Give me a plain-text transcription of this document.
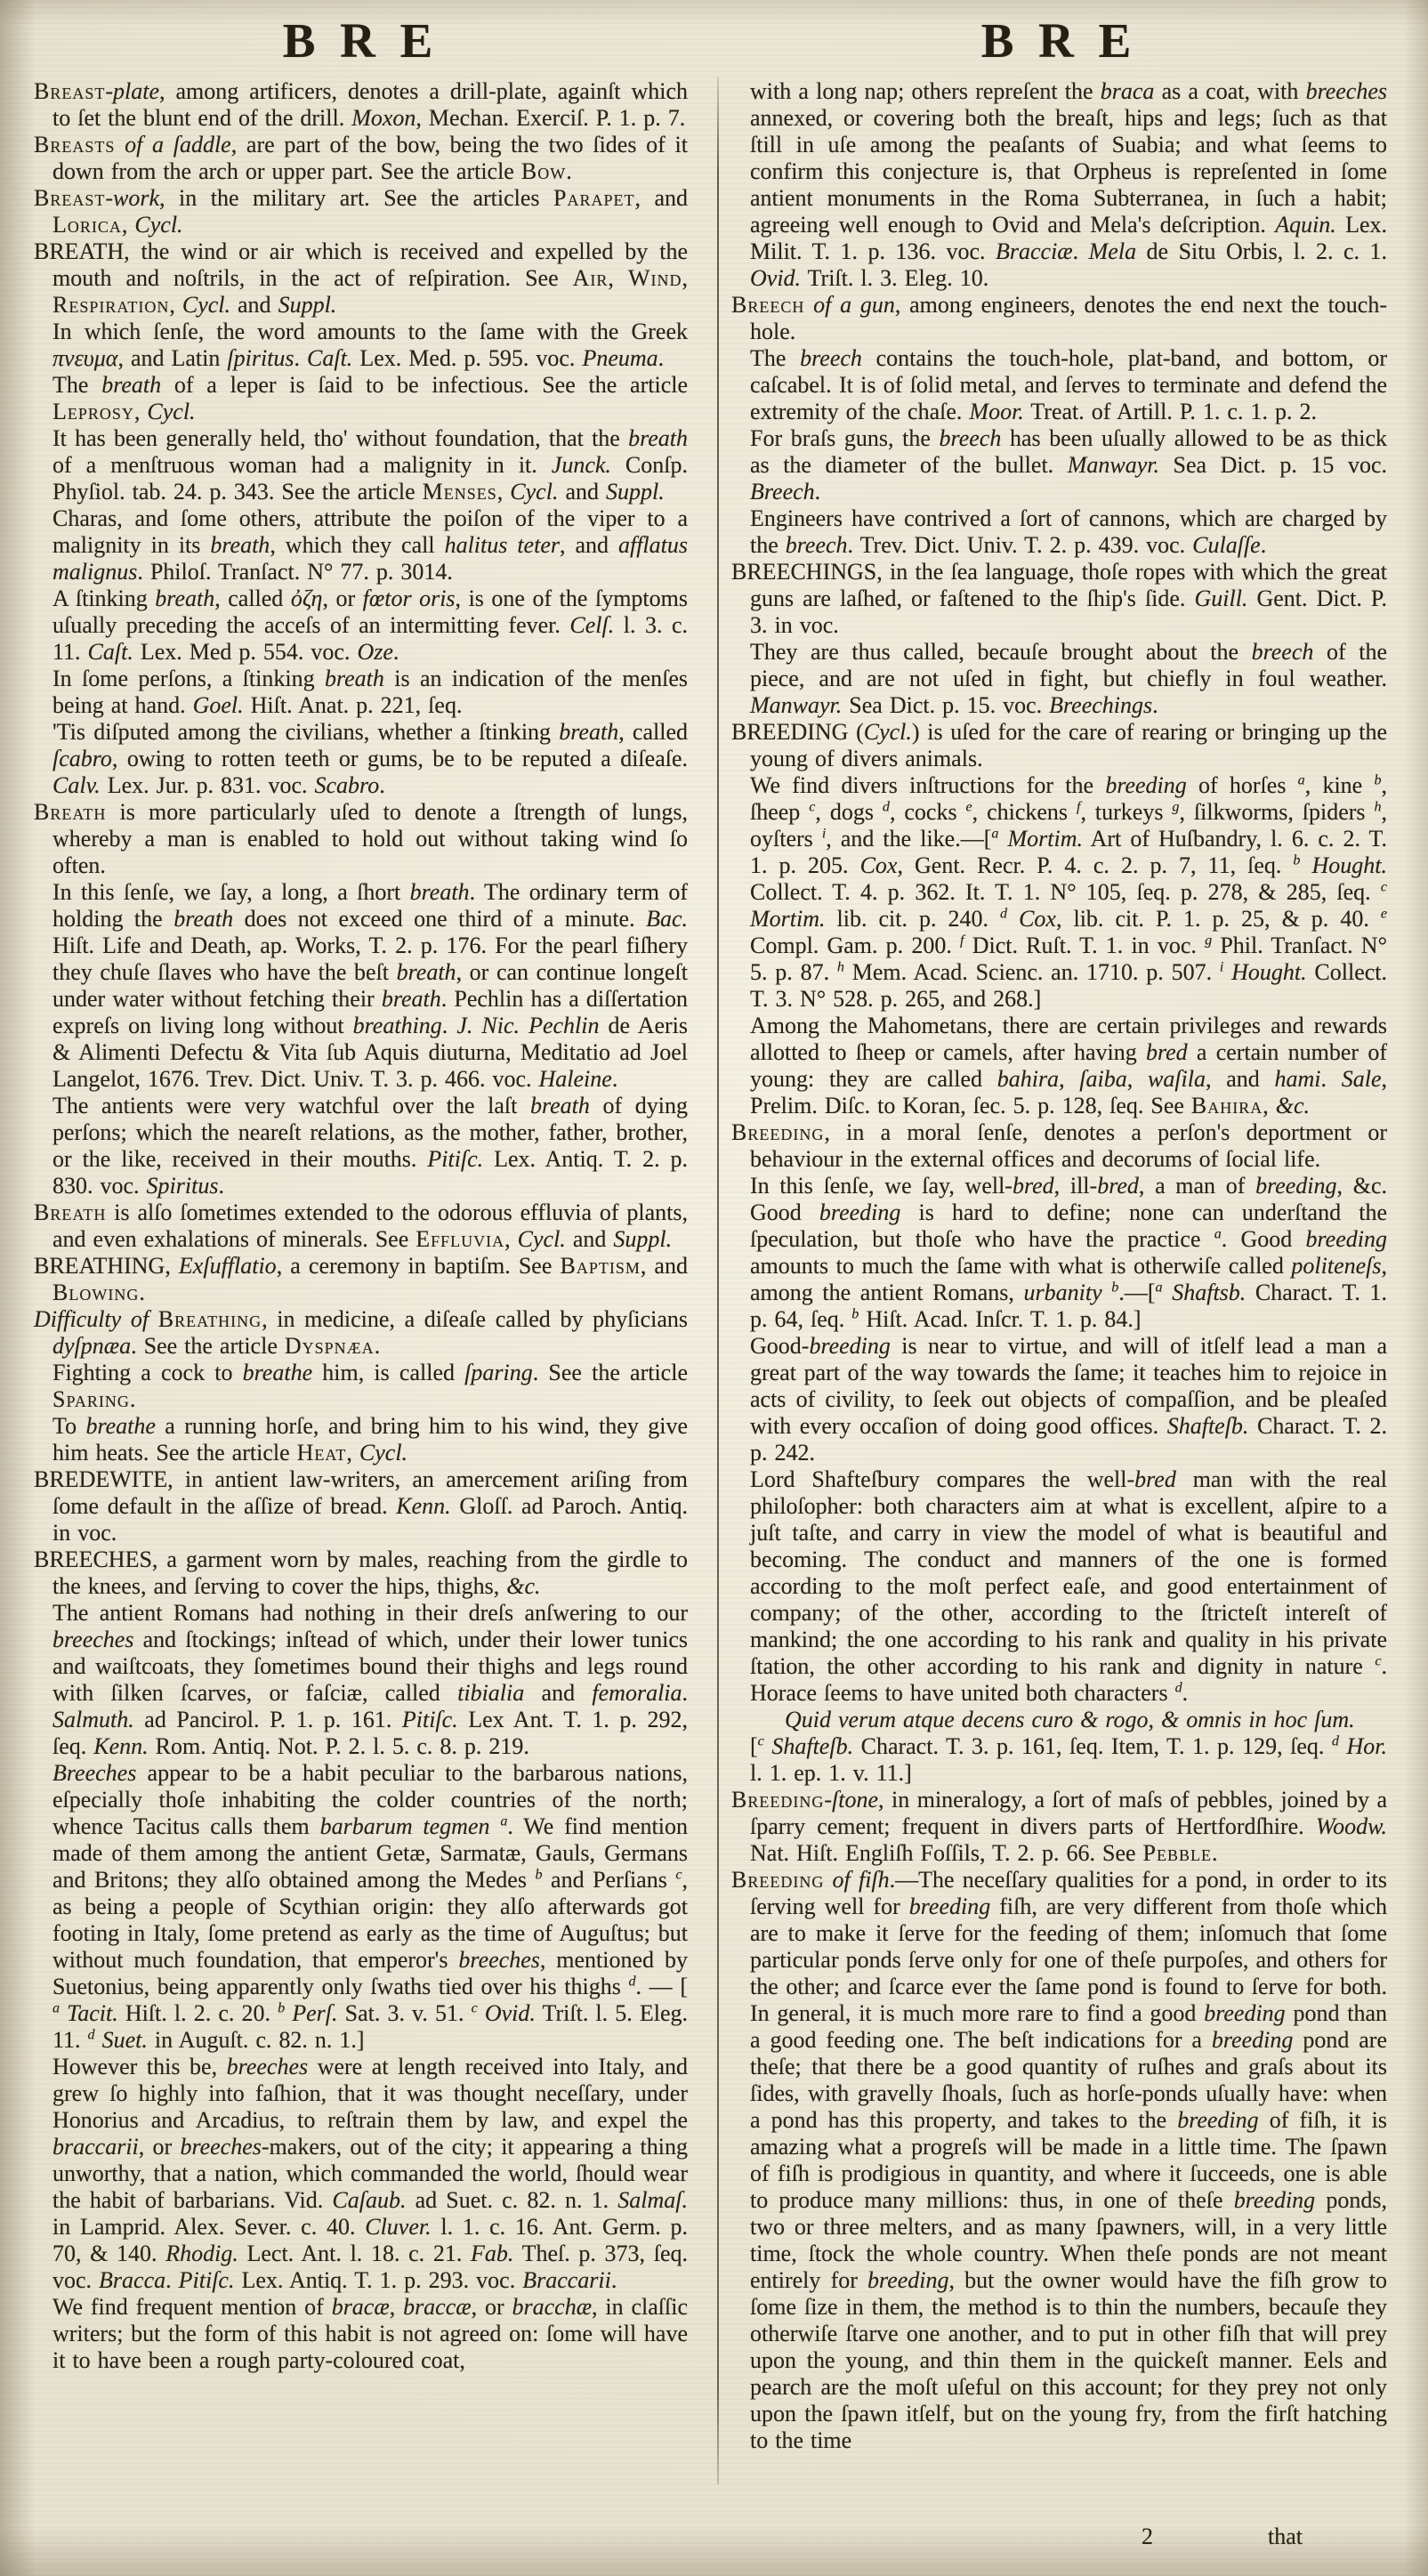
B R E	B R E

Breast-plate, among artificers, denotes a drill-plate, againſt which to ſet the blunt end of the drill. Moxon, Mechan. Exerciſ. P. 1. p. 7.

Breasts of a ſaddle, are part of the bow, being the two ſides of it down from the arch or upper part. See the article Bow.

Breast-work, in the military art. See the articles Parapet, and Lorica, Cycl.

BREATH, the wind or air which is received and expelled by the mouth and noſtrils, in the act of reſpiration. See Air, Wind, Respiration, Cycl. and Suppl.

In which ſenſe, the word amounts to the ſame with the Greek πνευμα, and Latin ſpiritus. Caſt. Lex. Med. p. 595. voc. Pneuma.

The breath of a leper is ſaid to be infectious. See the article Leprosy, Cycl.

It has been generally held, tho' without foundation, that the breath of a menſtruous woman had a malignity in it. Junck. Conſp. Phyſiol. tab. 24. p. 343. See the article Menses, Cycl. and Suppl.

Charas, and ſome others, attribute the poiſon of the viper to a malignity in its breath, which they call halitus teter, and afflatus malignus. Philoſ. Tranſact. N° 77. p. 3014.

A ſtinking breath, called ὀζη, or fœtor oris, is one of the ſymptoms uſually preceding the acceſs of an intermitting fever. Celſ. l. 3. c. 11. Caſt. Lex. Med p. 554. voc. Oze.

In ſome perſons, a ſtinking breath is an indication of the menſes being at hand. Goel. Hiſt. Anat. p. 221, ſeq.

'Tis diſputed among the civilians, whether a ſtinking breath, called ſcabro, owing to rotten teeth or gums, be to be reputed a diſeaſe. Calv. Lex. Jur. p. 831. voc. Scabro.

Breath is more particularly uſed to denote a ſtrength of lungs, whereby a man is enabled to hold out without taking wind ſo often.

In this ſenſe, we ſay, a long, a ſhort breath. The ordinary term of holding the breath does not exceed one third of a minute. Bac. Hiſt. Life and Death, ap. Works, T. 2. p. 176. For the pearl fiſhery they chuſe ſlaves who have the beſt breath, or can continue longeſt under water without fetching their breath. Pechlin has a diſſertation expreſs on living long without breathing. J. Nic. Pechlin de Aeris & Alimenti Defectu & Vita ſub Aquis diuturna, Meditatio ad Joel Langelot, 1676. Trev. Dict. Univ. T. 3. p. 466. voc. Haleine.

The antients were very watchful over the laſt breath of dying perſons; which the neareſt relations, as the mother, father, brother, or the like, received in their mouths. Pitiſc. Lex. Antiq. T. 2. p. 830. voc. Spiritus.

Breath is alſo ſometimes extended to the odorous effluvia of plants, and even exhalations of minerals. See Effluvia, Cycl. and Suppl.

BREATHING, Exſufflatio, a ceremony in baptiſm. See Baptism, and Blowing.

Difficulty of Breathing, in medicine, a diſeaſe called by phyſicians dyſpnæa. See the article Dyspnæa.

Fighting a cock to breathe him, is called ſparing. See the article Sparing.

To breathe a running horſe, and bring him to his wind, they give him heats. See the article Heat, Cycl.

BREDEWITE, in antient law-writers, an amercement ariſing from ſome default in the aſſize of bread. Kenn. Gloſſ. ad Paroch. Antiq. in voc.

BREECHES, a garment worn by males, reaching from the girdle to the knees, and ſerving to cover the hips, thighs, &c.

The antient Romans had nothing in their dreſs anſwering to our breeches and ſtockings; inſtead of which, under their lower tunics and waiſtcoats, they ſometimes bound their thighs and legs round with ſilken ſcarves, or faſciæ, called tibialia and femoralia. Salmuth. ad Pancirol. P. 1. p. 161. Pitiſc. Lex Ant. T. 1. p. 292, ſeq. Kenn. Rom. Antiq. Not. P. 2. l. 5. c. 8. p. 219.

Breeches appear to be a habit peculiar to the barbarous nations, eſpecially thoſe inhabiting the colder countries of the north; whence Tacitus calls them barbarum tegmen $^a$. We find mention made of them among the antient Getæ, Sarmatæ, Gauls, Germans and Britons; they alſo obtained among the Medes $^b$ and Perſians $^c$, as being a people of Scythian origin: they alſo afterwards got footing in Italy, ſome pretend as early as the time of Auguſtus; but without much foundation, that emperor's breeches, mentioned by Suetonius, being apparently only ſwaths tied over his thighs $^d$. — [ $^a$ Tacit. Hiſt. l. 2. c. 20. $^b$ Perſ. Sat. 3. v. 51. $^c$ Ovid. Triſt. l. 5. Eleg. 11. $^d$ Suet. in Auguſt. c. 82. n. 1.]

However this be, breeches were at length received into Italy, and grew ſo highly into faſhion, that it was thought neceſſary, under Honorius and Arcadius, to reſtrain them by law, and expel the braccarii, or breeches-makers, out of the city; it appearing a thing unworthy, that a nation, which commanded the world, ſhould wear the habit of barbarians. Vid. Caſaub. ad Suet. c. 82. n. 1. Salmaſ. in Lamprid. Alex. Sever. c. 40. Cluver. l. 1. c. 16. Ant. Germ. p. 70, & 140. Rhodig. Lect. Ant. l. 18. c. 21. Fab. Theſ. p. 373, ſeq. voc. Bracca. Pitiſc. Lex. Antiq. T. 1. p. 293. voc. Braccarii.

We find frequent mention of bracæ, braccæ, or bracchæ, in claſſic writers; but the form of this habit is not agreed on: ſome will have it to have been a rough party-coloured coat,

with a long nap; others repreſent the braca as a coat, with breeches annexed, or covering both the breaſt, hips and legs; ſuch as that ſtill in uſe among the peaſants of Suabia; and what ſeems to confirm this conjecture is, that Orpheus is repreſented in ſome antient monuments in the Roma Subterranea, in ſuch a habit; agreeing well enough to Ovid and Mela's deſcription. Aquin. Lex. Milit. T. 1. p. 136. voc. Bracciæ. Mela de Situ Orbis, l. 2. c. 1. Ovid. Triſt. l. 3. Eleg. 10.

Breech of a gun, among engineers, denotes the end next the touch-hole.

The breech contains the touch-hole, plat-band, and bottom, or caſcabel. It is of ſolid metal, and ſerves to terminate and defend the extremity of the chaſe. Moor. Treat. of Artill. P. 1. c. 1. p. 2.

For braſs guns, the breech has been uſually allowed to be as thick as the diameter of the bullet. Manwayr. Sea Dict. p. 15 voc. Breech.

Engineers have contrived a ſort of cannons, which are charged by the breech. Trev. Dict. Univ. T. 2. p. 439. voc. Culaſſe.

BREECHINGS, in the ſea language, thoſe ropes with which the great guns are laſhed, or faſtened to the ſhip's ſide. Guill. Gent. Dict. P. 3. in voc.

They are thus called, becauſe brought about the breech of the piece, and are not uſed in fight, but chiefly in foul weather. Manwayr. Sea Dict. p. 15. voc. Breechings.

BREEDING (Cycl.) is uſed for the care of rearing or bringing up the young of divers animals.

We find divers inſtructions for the breeding of horſes $^a$, kine $^b$, ſheep $^c$, dogs $^d$, cocks $^e$, chickens $^f$, turkeys $^g$, ſilkworms, ſpiders $^h$, oyſters $^i$, and the like.—[$^a$ Mortim. Art of Huſbandry, l. 6. c. 2. T. 1. p. 205. Cox, Gent. Recr. P. 4. c. 2. p. 7, 11, ſeq. $^b$ Hought. Collect. T. 4. p. 362. It. T. 1. N° 105, ſeq. p. 278, & 285, ſeq. $^c$ Mortim. lib. cit. p. 240. $^d$ Cox, lib. cit. P. 1. p. 25, & p. 40. $^e$ Compl. Gam. p. 200. $^f$ Dict. Ruſt. T. 1. in voc. $^g$ Phil. Tranſact. N° 5. p. 87. $^h$ Mem. Acad. Scienc. an. 1710. p. 507. $^i$ Hought. Collect. T. 3. N° 528. p. 265, and 268.]

Among the Mahometans, there are certain privileges and rewards allotted to ſheep or camels, after having bred a certain number of young: they are called bahira, ſaiba, waſila, and hami. Sale, Prelim. Diſc. to Koran, ſec. 5. p. 128, ſeq. See Bahira, &c.

Breeding, in a moral ſenſe, denotes a perſon's deportment or behaviour in the external offices and decorums of ſocial life.

In this ſenſe, we ſay, well-bred, ill-bred, a man of breeding, &c. Good breeding is hard to define; none can underſtand the ſpeculation, but thoſe who have the practice $^a$. Good breeding amounts to much the ſame with what is otherwiſe called politeneſs, among the antient Romans, urbanity $^b$.—[$^a$ Shaftsb. Charact. T. 1. p. 64, ſeq. $^b$ Hiſt. Acad. Inſcr. T. 1. p. 84.]

Good-breeding is near to virtue, and will of itſelf lead a man a great part of the way towards the ſame; it teaches him to rejoice in acts of civility, to ſeek out objects of compaſſion, and be pleaſed with every occaſion of doing good offices. Shafteſb. Charact. T. 2. p. 242.

Lord Shafteſbury compares the well-bred man with the real philoſopher: both characters aim at what is excellent, aſpire to a juſt taſte, and carry in view the model of what is beautiful and becoming. The conduct and manners of the one is formed according to the moſt perfect eaſe, and good entertainment of company; of the other, according to the ſtricteſt intereſt of mankind; the one according to his rank and quality in his private ſtation, the other according to his rank and dignity in nature $^c$. Horace ſeems to have united both characters $^d$.

Quid verum atque decens curo & rogo, & omnis in hoc ſum.

[$^c$ Shafteſb. Charact. T. 3. p. 161, ſeq. Item, T. 1. p. 129, ſeq. $^d$ Hor. l. 1. ep. 1. v. 11.]

Breeding-ſtone, in mineralogy, a ſort of maſs of pebbles, joined by a ſparry cement; frequent in divers parts of Hertfordſhire. Woodw. Nat. Hiſt. Engliſh Foſſils, T. 2. p. 66. See Pebble.

Breeding of fiſh.—The neceſſary qualities for a pond, in order to its ſerving well for breeding fiſh, are very different from thoſe which are to make it ſerve for the feeding of them; inſomuch that ſome particular ponds ſerve only for one of theſe purpoſes, and others for the other; and ſcarce ever the ſame pond is found to ſerve for both. In general, it is much more rare to find a good breeding pond than a good feeding one. The beſt indications for a breeding pond are theſe; that there be a good quantity of ruſhes and graſs about its ſides, with gravelly ſhoals, ſuch as horſe-ponds uſually have: when a pond has this property, and takes to the breeding of fiſh, it is amazing what a progreſs will be made in a little time. The ſpawn of fiſh is prodigious in quantity, and where it ſucceeds, one is able to produce many millions: thus, in one of theſe breeding ponds, two or three melters, and as many ſpawners, will, in a very little time, ſtock the whole country. When theſe ponds are not meant entirely for breeding, but the owner would have the fiſh grow to ſome ſize in them, the method is to thin the numbers, becauſe they otherwiſe ſtarve one another, and to put in other fiſh that will prey upon the young, and thin them in the quickeſt manner. Eels and pearch are the moſt uſeful on this account; for they prey not only upon the ſpawn itſelf, but on the young fry, from the firſt hatching to the time

2	that
